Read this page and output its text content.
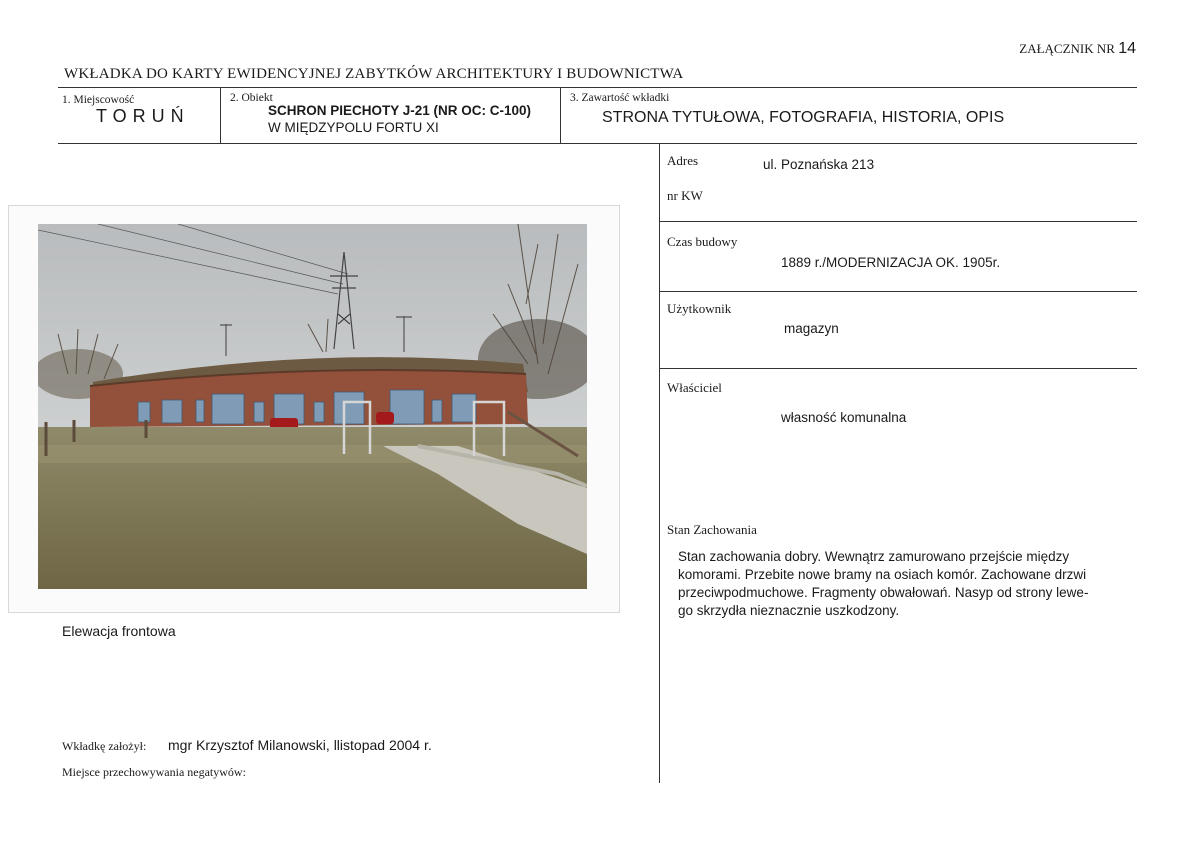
ZAŁĄCZNIK NR 14
WKŁADKA DO KARTY EWIDENCYJNEJ ZABYTKÓW ARCHITEKTURY I BUDOWNICTWA
1. Miejscowość
TORUŃ
2. Obiekt
SCHRON PIECHOTY J-21 (NR OC: C-100)
W MIĘDZYPOLU FORTU XI
3. Zawartość wkładki
STRONA TYTUŁOWA, FOTOGRAFIA, HISTORIA, OPIS
Adres	ul. Poznańska 213
nr KW
Czas budowy
1889 r./MODERNIZACJA OK. 1905r.
Użytkownik
magazyn
Właściciel
własność komunalna
Stan Zachowania
Stan zachowania dobry. Wewnątrz zamurowano przejście między
komorami. Przebite nowe bramy na osiach komór. Zachowane drzwi
przeciwpodmuchowe. Fragmenty obwałowań. Nasyp od strony lewe-
go skrzydła nieznacznie uszkodzony.
Elewacja frontowa
Wkładkę założył: mgr Krzysztof Milanowski, llistopad 2004 r.
Miejsce przechowywania negatywów:
